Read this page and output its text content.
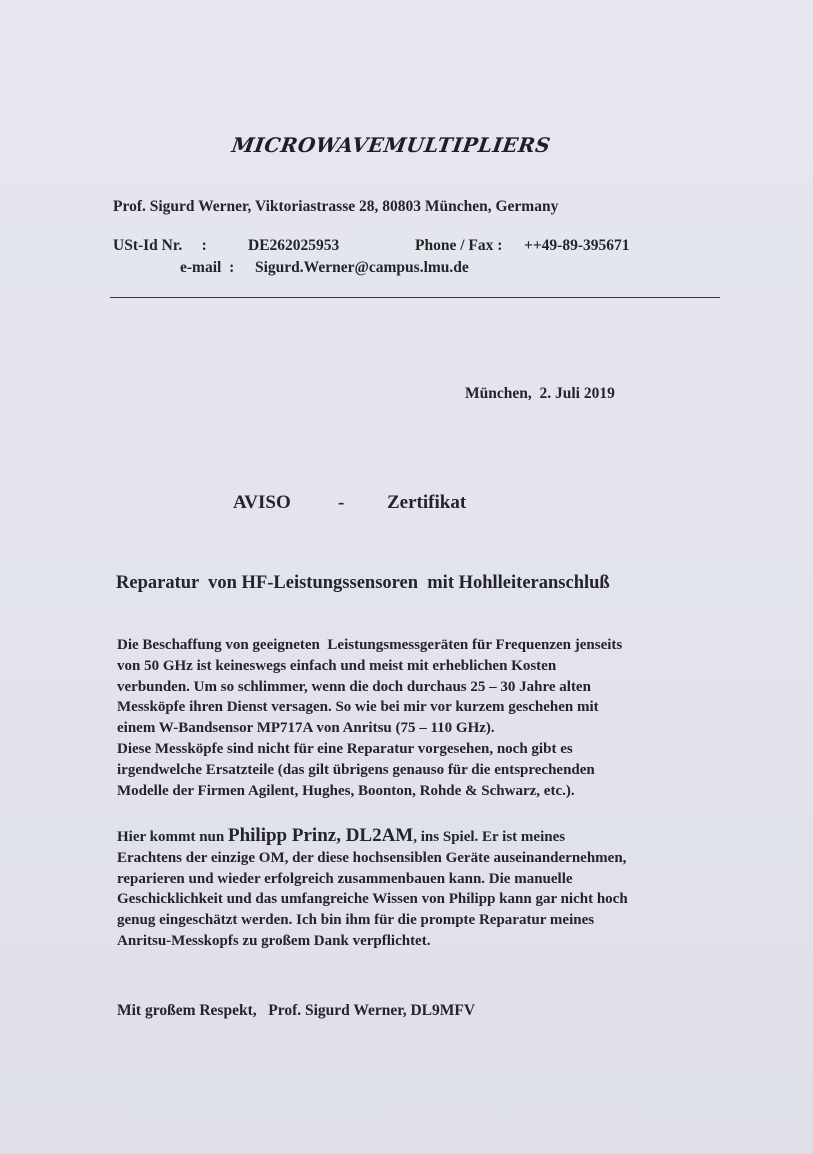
MICROWAVEMULTIPLIERS
Prof. Sigurd Werner, Viktoriastrasse 28, 80803 München, Germany
USt-Id Nr.     :	DE262025953	Phone / Fax : ++49-89-395671
e-mail  : Sigurd.Werner@campus.lmu.de
München,  2. Juli 2019
AVISO - Zertifikat
Reparatur  von HF-Leistungssensoren  mit Hohlleiteranschluß
Die Beschaffung von geeigneten  Leistungsmessgeräten für Frequenzen jenseits
von 50 GHz ist keineswegs einfach und meist mit erheblichen Kosten
verbunden. Um so schlimmer, wenn die doch durchaus 25 – 30 Jahre alten
Messköpfe ihren Dienst versagen. So wie bei mir vor kurzem geschehen mit
einem W-Bandsensor MP717A von Anritsu (75 – 110 GHz).
Diese Messköpfe sind nicht für eine Reparatur vorgesehen, noch gibt es
irgendwelche Ersatzteile (das gilt übrigens genauso für die entsprechenden
Modelle der Firmen Agilent, Hughes, Boonton, Rohde & Schwarz, etc.).
Hier kommt nun Philipp Prinz, DL2AM, ins Spiel. Er ist meines
Erachtens der einzige OM, der diese hochsensiblen Geräte auseinandernehmen,
reparieren und wieder erfolgreich zusammenbauen kann. Die manuelle
Geschicklichkeit und das umfangreiche Wissen von Philipp kann gar nicht hoch
genug eingeschätzt werden. Ich bin ihm für die prompte Reparatur meines
Anritsu-Messkopfs zu großem Dank verpflichtet.
Mit großem Respekt,   Prof. Sigurd Werner, DL9MFV
